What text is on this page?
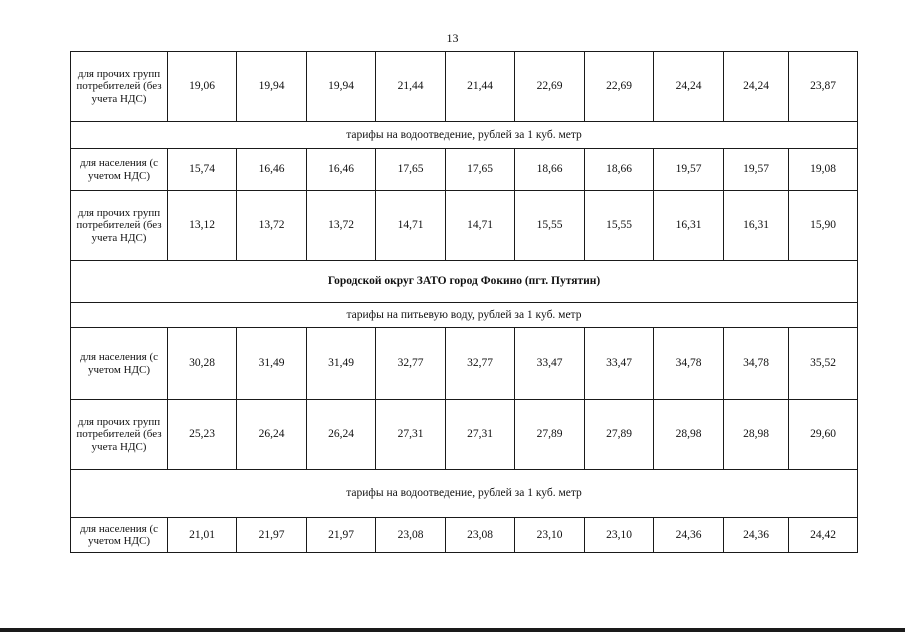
13
для прочих групп потребителей (без учета НДС)	19,06	19,94	19,94	21,44	21,44	22,69	22,69	24,24	24,24	23,87
тарифы на водоотведение, рублей за 1 куб. метр										
для населения (с учетом НДС)	15,74	16,46	16,46	17,65	17,65	18,66	18,66	19,57	19,57	19,08
для прочих групп потребителей (без учета НДС)	13,12	13,72	13,72	14,71	14,71	15,55	15,55	16,31	16,31	15,90
Городской округ ЗАТО город Фокино (пгт. Путятин)										
тарифы на питьевую воду, рублей за 1 куб. метр										
для населения (с учетом НДС)	30,28	31,49	31,49	32,77	32,77	33,47	33,47	34,78	34,78	35,52
для прочих групп потребителей (без учета НДС)	25,23	26,24	26,24	27,31	27,31	27,89	27,89	28,98	28,98	29,60
тарифы на водоотведение, рублей за 1 куб. метр										
для населения (с учетом НДС)	21,01	21,97	21,97	23,08	23,08	23,10	23,10	24,36	24,36	24,42
